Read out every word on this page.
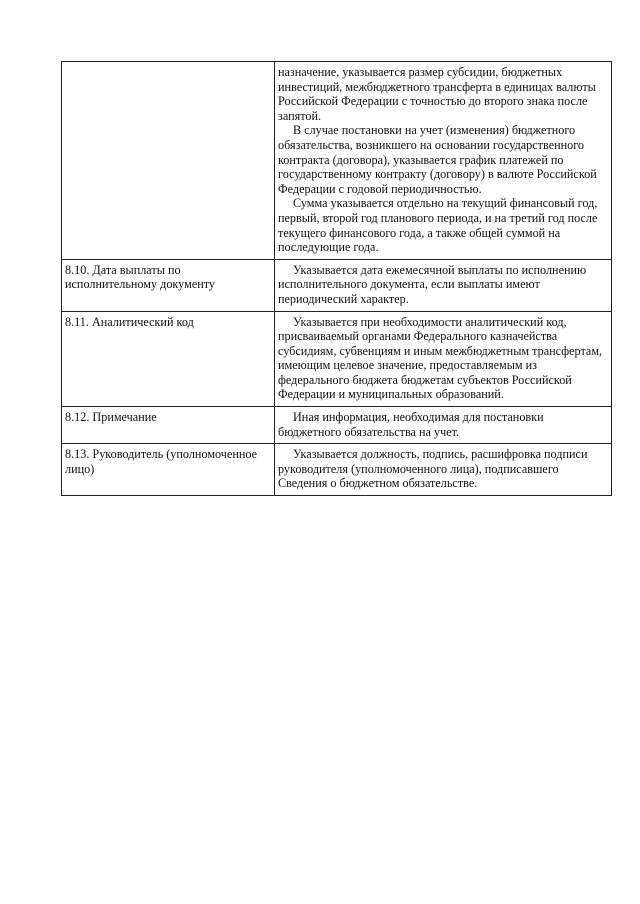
	назначение, указывается размер субсидии, бюджетных инвестиций, межбюджетного трансферта в единицах валюты Российской Федерации с точностью до второго знака после запятой.

В случае постановки на учет (изменения) бюджетного обязательства, возникшего на основании государственного контракта (договора), указывается график платежей по государственному контракту (договору) в валюте Российской Федерации с годовой периодичностью.

Сумма указывается отдельно на текущий финансовый год, первый, второй год планового периода, и на третий год после текущего финансового года, а также общей суммой на последующие года.

8.10. Дата выплаты по исполнительному документу	Указывается дата ежемесячной выплаты по исполнению исполнительного документа, если выплаты имеют периодический характер.

8.11. Аналитический код	Указывается при необходимости аналитический код, присваиваемый органами Федерального казначейства субсидиям, субвенциям и иным межбюджетным трансфертам, имеющим целевое значение, предоставляемым из федерального бюджета бюджетам субъектов Российской Федерации и муниципальных образований.

8.12. Примечание	Иная информация, необходимая для постановки бюджетного обязательства на учет.

8.13. Руководитель (уполномоченное лицо)	Указывается должность, подпись, расшифровка подписи руководителя (уполномоченного лица), подписавшего Сведения о бюджетном обязательстве.
